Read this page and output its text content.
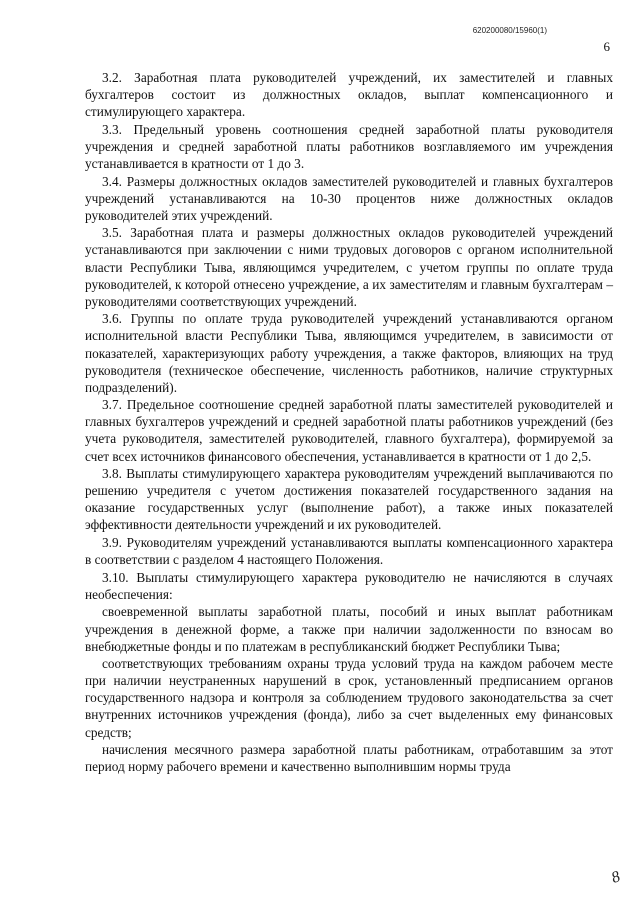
620200080/15960(1)
6

3.2. Заработная плата руководителей учреждений, их заместителей и главных бухгалтеров состоит из должностных окладов, выплат компенсационного и стимулирующего характера.

3.3. Предельный уровень соотношения средней заработной платы руководителя учреждения и средней заработной платы работников возглавляемого им учреждения устанавливается в кратности от 1 до 3.

3.4. Размеры должностных окладов заместителей руководителей и главных бухгалтеров учреждений устанавливаются на 10-30 процентов ниже должностных окладов руководителей этих учреждений.

3.5. Заработная плата и размеры должностных окладов руководителей учреждений устанавливаются при заключении с ними трудовых договоров с органом исполнительной власти Республики Тыва, являющимся учредителем, с учетом группы по оплате труда руководителей, к которой отнесено учреждение, а их заместителям и главным бухгалтерам – руководителями соответствующих учреждений.

3.6. Группы по оплате труда руководителей учреждений устанавливаются органом исполнительной власти Республики Тыва, являющимся учредителем, в зависимости от показателей, характеризующих работу учреждения, а также факторов, влияющих на труд руководителя (техническое обеспечение, численность работников, наличие структурных подразделений).

3.7. Предельное соотношение средней заработной платы заместителей руководителей и главных бухгалтеров учреждений и средней заработной платы работников учреждений (без учета руководителя, заместителей руководителей, главного бухгалтера), формируемой за счет всех источников финансового обеспечения, устанавливается в кратности от 1 до 2,5.

3.8. Выплаты стимулирующего характера руководителям учреждений выплачиваются по решению учредителя с учетом достижения показателей государственного задания на оказание государственных услуг (выполнение работ), а также иных показателей эффективности деятельности учреждений и их руководителей.

3.9. Руководителям учреждений устанавливаются выплаты компенсационного характера в соответствии с разделом 4 настоящего Положения.

3.10. Выплаты стимулирующего характера руководителю не начисляются в случаях необеспечения:

своевременной выплаты заработной платы, пособий и иных выплат работникам учреждения в денежной форме, а также при наличии задолженности по взносам во внебюджетные фонды и по платежам в республиканский бюджет Республики Тыва;

соответствующих требованиям охраны труда условий труда на каждом рабочем месте при наличии неустраненных нарушений в срок, установленный предписанием органов государственного надзора и контроля за соблюдением трудового законодательства за счет внутренних источников учреждения (фонда), либо за счет выделенных ему финансовых средств;

начисления месячного размера заработной платы работникам, отработавшим за этот период норму рабочего времени и качественно выполнившим нормы труда

8
